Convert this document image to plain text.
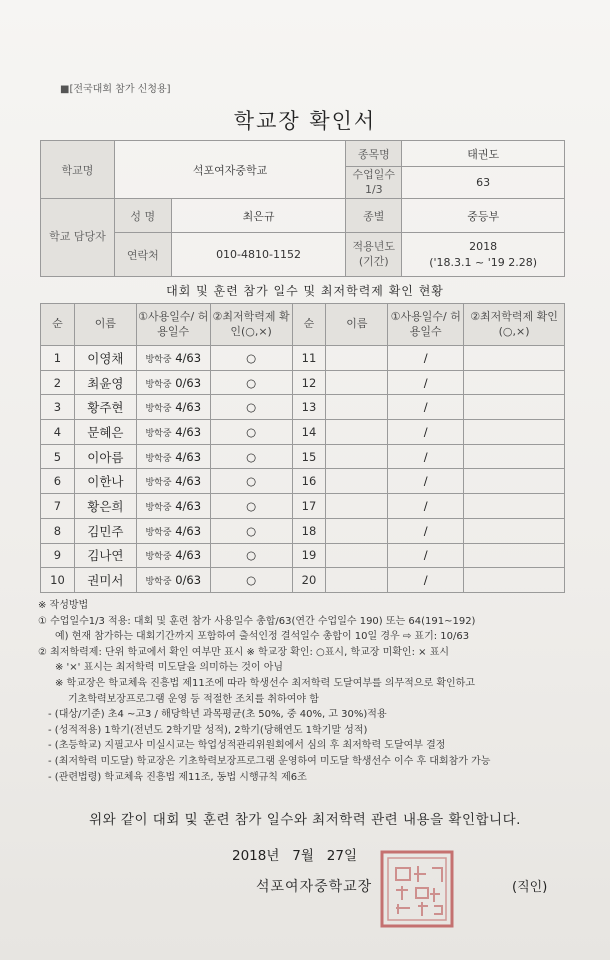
■[전국대회 참가 신청용]
학교장 확인서
학교명	석포여자중학교		종목명	태권도
			수업일수 1/3	63
학교 담당자	성 명	최은규	종별	중등부
	연락처	010-4810-1152	적용년도 (기간)	2018
('18.3.1 ~ '19 2.28)
대회 및 훈련 참가 일수 및 최저학력제 확인 현황
순	이름	①사용일수/ 허용일수	②최저학력제 확인(○,×)	순	이름	①사용일수/ 허용일수	②최저학력제 확인(○,×)
1	이영채	방학중 4/63	○	11		/	
2	최윤영	방학중 0/63	○	12		/	
3	황주현	방학중 4/63	○	13		/	
4	문혜은	방학중 4/63	○	14		/	
5	이아름	방학중 4/63	○	15		/	
6	이한나	방학중 4/63	○	16		/	
7	황은희	방학중 4/63	○	17		/	
8	김민주	방학중 4/63	○	18		/	
9	김나연	방학중 4/63	○	19		/	
10	권미서	방학중 0/63	○	20		/	
※ 작성방법
① 수업일수1/3 적용: 대회 및 훈련 참가 사용일수 총합/63(연간 수업일수 190) 또는 64(191~192)
예) 현재 참가하는 대회기간까지 포함하여 출석인정 결석일수 총합이 10일 경우 ⇨ 표기: 10/63
② 최저학력제: 단위 학교에서 확인 여부만 표시 ※ 학교장 확인: ○표시, 학교장 미확인: × 표시
※ '×' 표시는 최저학력 미도달을 의미하는 것이 아님
※ 학교장은 학교체육 진흥법 제11조에 따라 학생선수 최저학력 도달여부를 의무적으로 확인하고
기초학력보장프로그램 운영 등 적절한 조치를 취하여야 함
- (대상/기준) 초4 ~고3 / 해당학년 과목평균(초 50%, 중 40%, 고 30%)적용
- (성적적용) 1학기(전년도 2학기말 성적), 2학기(당해연도 1학기말 성적)
- (초등학교) 지필고사 미실시교는 학업성적관리위원회에서 심의 후 최저학력 도달여부 결정
- (최저학력 미도달) 학교장은 기초학력보장프로그램 운영하여 미도달 학생선수 이수 후 대회참가 가능
- (관련법령) 학교체육 진흥법 제11조, 동법 시행규칙 제6조
위와 같이 대회 및 훈련 참가 일수와 최저학력 관련 내용을 확인합니다.
2018년 7월 27일
석포여자중학교장	(직인)
